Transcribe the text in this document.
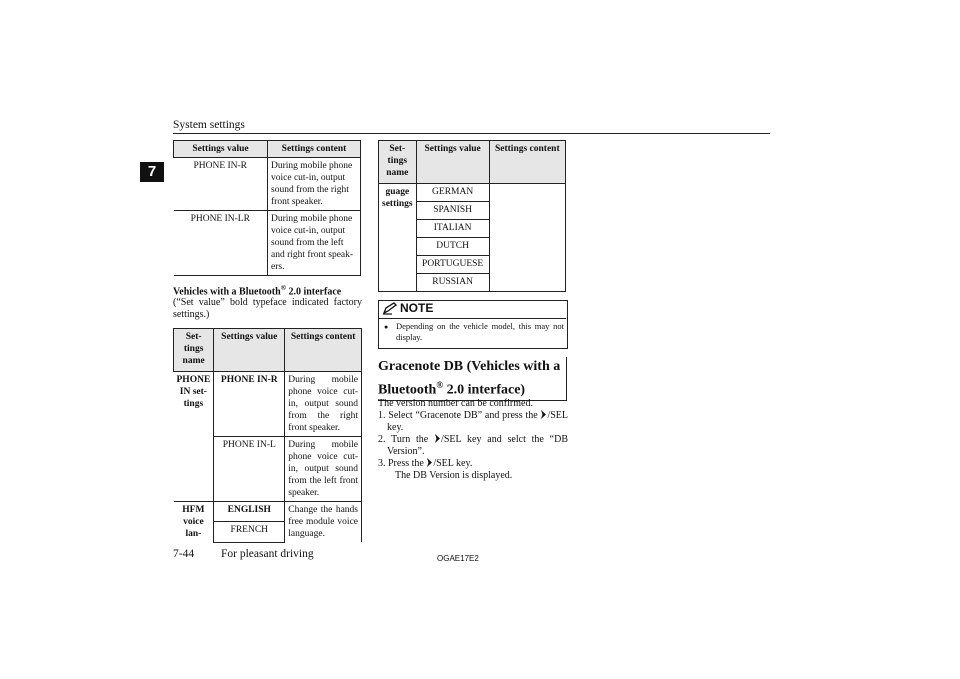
System settings
7
Settings value	Settings content
PHONE IN-R	During mobile phone voice cut-in, output sound from the right front speaker.
PHONE IN-LR	During mobile phone voice cut-in, output sound from the left and right front speak-ers.
Vehicles with a Bluetooth® 2.0 interface
(“Set value” bold typeface indicated factory settings.)
Set-tings name	Settings value	Settings content
PHONE IN set-tings	PHONE IN-R	During mobile phone voice cut-in, output sound from the right front speaker.
	PHONE IN-L	During mobile phone voice cut-in, output sound from the left front speaker.
HFM voice lan-	ENGLISH	Change the hands free module voice language.
	FRENCH	
Set-tings name	Settings value	Settings content
guage settings	GERMAN	
	SPANISH	
	ITALIAN	
	DUTCH	
	PORTUGUESE	
	RUSSIAN	
NOTE
● Depending on the vehicle model, this may not display.
Gracenote DB (Vehicles with a Bluetooth® 2.0 interface)
The version number can be confirmed.
1. Select “Gracenote DB” and press the /SEL key.
2. Turn the /SEL key and selct the “DB Version”.
3. Press the /SEL key.
The DB Version is displayed.
7-44 For pleasant driving	OGAE17E2
